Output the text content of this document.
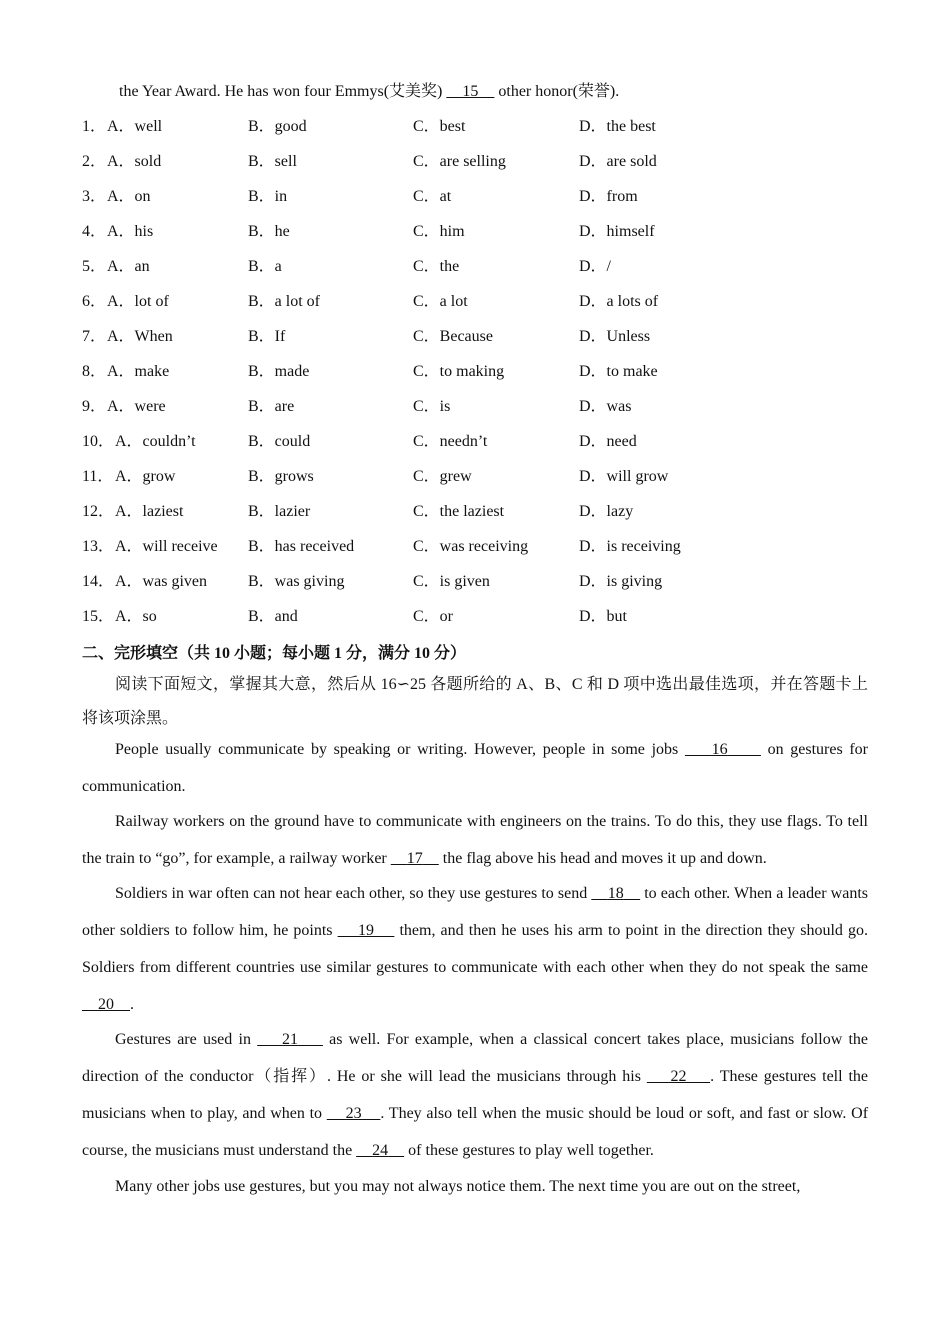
the Year Award. He has won four Emmys(艾美奖)     15     other honor(荣誉).
1． A．well	B．good	C．best	D．the best
2． A．sold	B．sell	C．are selling	D．are sold
3． A．on	B．in	C．at	D．from
4． A．his	B．he	C．him	D．himself
5． A．an	B．a	C．the	D．/
6． A．lot of	B．a lot of	C．a lot	D．a lots of
7． A．When	B．If	C．Because	D．Unless
8． A．make	B．made	C．to making	D．to make
9． A．were	B．are	C．is	D．was
10． A．couldn’t	B．could	C．needn’t	D．need
11． A．grow	B．grows	C．grew	D．will grow
12． A．laziest	B．lazier	C．the laziest	D．lazy
13． A．will receive B．has received	C．was receiving	D．is receiving
14． A．was given	B．was giving	C．is given	D．is giving
15． A．so	B．and	C．or	D．but
二、完形填空（共 10 小题；每小题 1 分，满分 10 分）
阅读下面短文，掌握其大意，然后从 16∽25 各题所给的 A、B、C 和 D 项中选出最佳选项，并在答题卡上将该项涂黑。
People usually communicate by speaking or writing. However, people in some jobs     16      on gestures for communication.
Railway workers on the ground have to communicate with engineers on the trains. To do this, they use flags. To tell the train to “go”, for example, a railway worker     17     the flag above his head and moves it up and down.
Soldiers in war often can not hear each other, so they use gestures to send     18     to each other. When a leader wants other soldiers to follow him, he points     19     them, and then he uses his arm to point in the direction they should go. Soldiers from different countries use similar gestures to communicate with each other when they do not speak the same     20 .
Gestures are used in     21     as well. For example, when a classical concert takes place, musicians follow the direction of the conductor（指挥）. He or she will lead the musicians through his     22 . These gestures tell the musicians when to play, and when to     23 . They also tell when the music should be loud or soft, and fast or slow. Of course, the musicians must understand the     24     of these gestures to play well together.
Many other jobs use gestures, but you may not always notice them. The next time you are out on the street,
